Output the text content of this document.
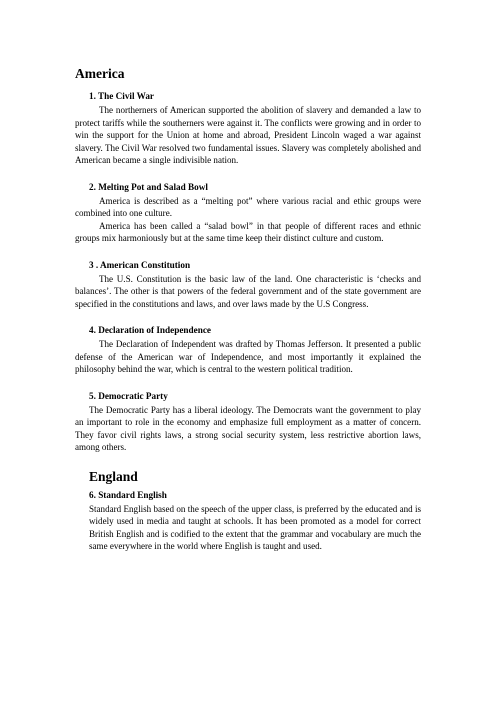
America
1. The Civil War

The northerners of American supported the abolition of slavery and demanded a law to protect tariffs while the southerners were against it. The conflicts were growing and in order to win the support for the Union at home and abroad, President Lincoln waged a war against slavery. The Civil War resolved two fundamental issues. Slavery was completely abolished and American became a single indivisible nation.

2. Melting Pot and Salad Bowl

America is described as a “melting pot” where various racial and ethic groups were combined into one culture.

America has been called a “salad bowl” in that people of different races and ethnic groups mix harmoniously but at the same time keep their distinct culture and custom.

3 . American Constitution

The U.S. Constitution is the basic law of the land. One characteristic is ‘checks and balances’. The other is that powers of the federal government and of the state government are specified in the constitutions and laws, and over laws made by the U.S Congress.

4. Declaration of Independence

The Declaration of Independent was drafted by Thomas Jefferson. It presented a public defense of the American war of Independence, and most importantly it explained the philosophy behind the war, which is central to the western political tradition.

5. Democratic Party

The Democratic Party has a liberal ideology. The Democrats want the government to play an important to role in the economy and emphasize full employment as a matter of concern. They favor civil rights laws, a strong social security system, less restrictive abortion laws, among others.

England
6. Standard English

Standard English based on the speech of the upper class, is preferred by the educated and is widely used in media and taught at schools. It has been promoted as a model for correct British English and is codified to the extent that the grammar and vocabulary are much the same everywhere in the world where English is taught and used.
